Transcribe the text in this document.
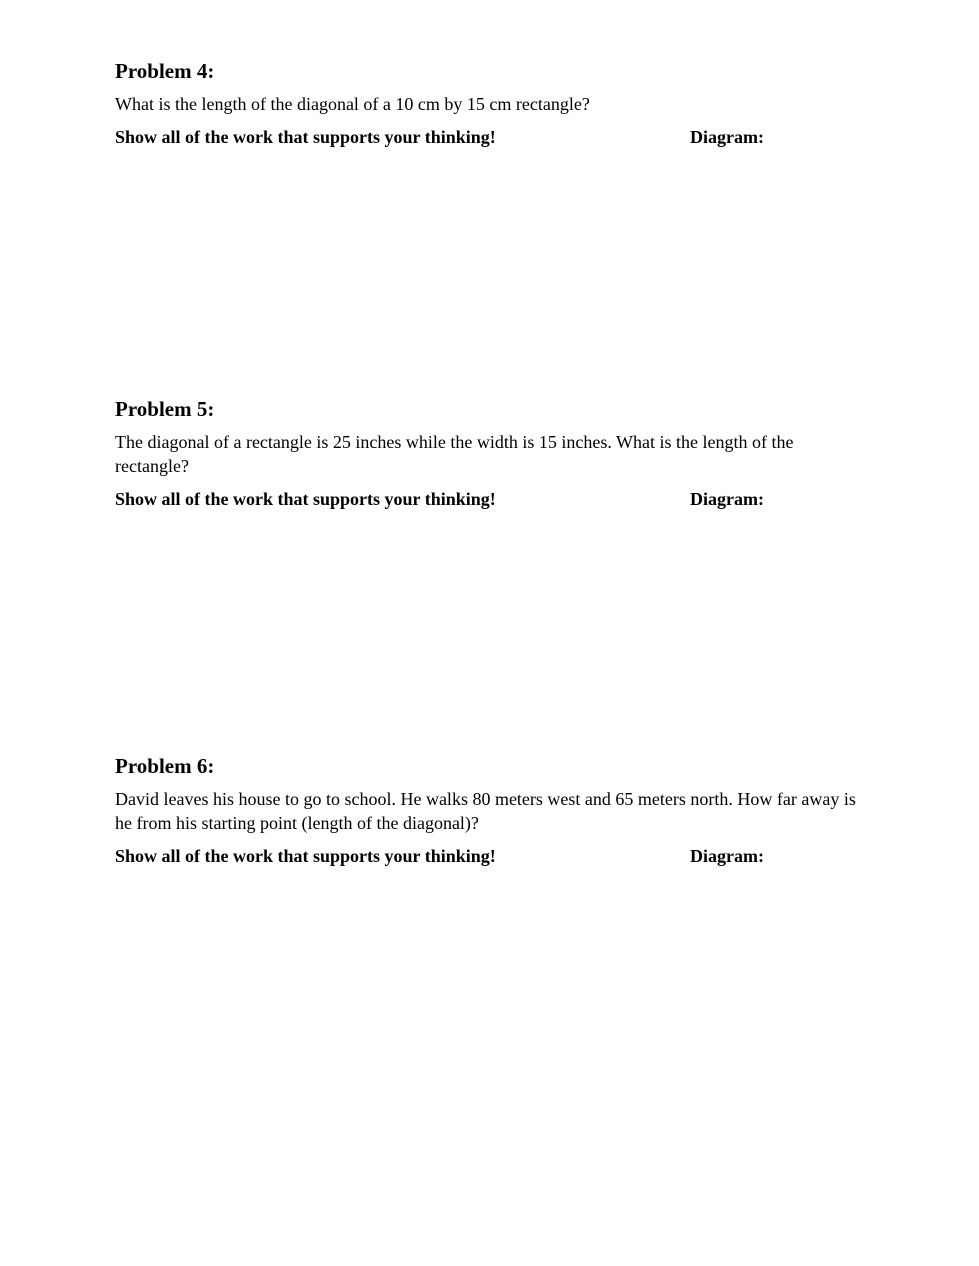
Problem 4:

What is the length of the diagonal of a 10 cm by 15 cm rectangle?

Show all of the work that supports your thinking!	Diagram:
Problem 5:

The diagonal of a rectangle is 25 inches while the width is 15 inches. What is the length of the rectangle?

Show all of the work that supports your thinking!	Diagram:
Problem 6:

David leaves his house to go to school. He walks 80 meters west and 65 meters north. How far away is he from his starting point (length of the diagonal)?

Show all of the work that supports your thinking!	Diagram:
